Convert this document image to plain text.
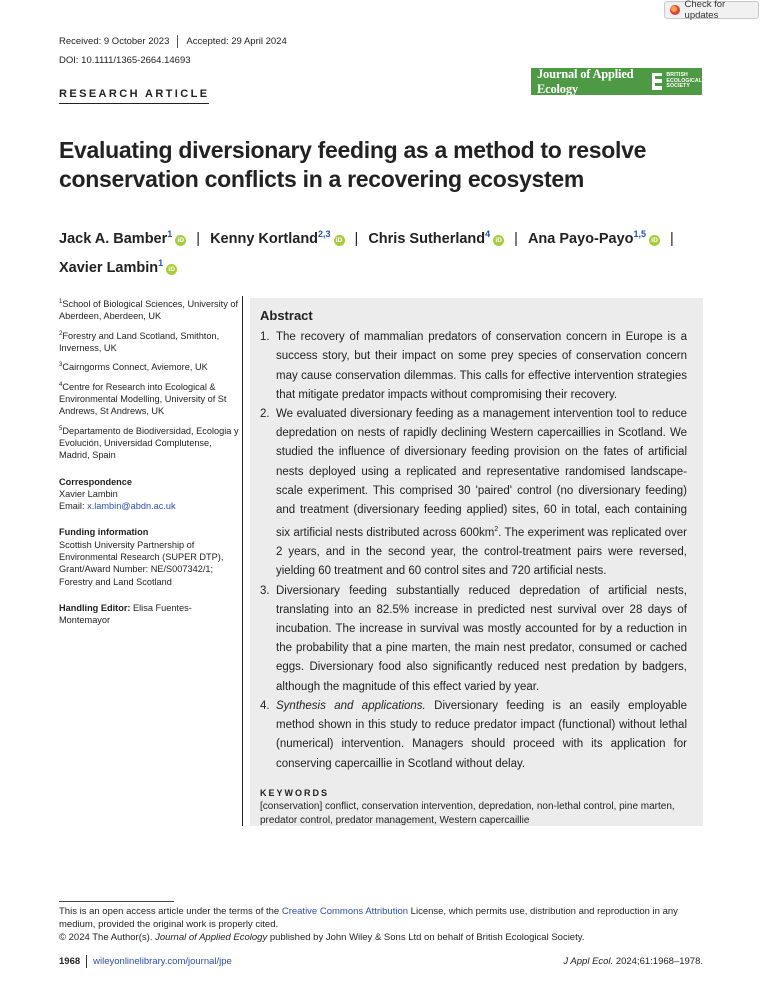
Check for updates
Received: 9 October 2023 Accepted: 29 April 2024
DOI: 10.1111/1365-2664.14693
Journal of Applied Ecology
BRITISH
ECOLOGICAL
SOCIETY
RESEARCH ARTICLE
Evaluating diversionary feeding as a method to resolve conservation conflicts in a recovering ecosystem
Jack A. Bamber$^1$iD | Kenny Kortland$^{2,3}$iD | Chris Sutherland$^4$iD | Ana Payo-Payo$^{1,5}$iD |
Xavier Lambin$^1$iD
$^1$School of Biological Sciences, University of Aberdeen, Aberdeen, UK
$^2$Forestry and Land Scotland, Smithton, Inverness, UK
$^3$Cairngorms Connect, Aviemore, UK
$^4$Centre for Research into Ecological & Environmental Modelling, University of St Andrews, St Andrews, UK
$^5$Departamento de Biodiversidad, Ecologia y Evolución, Universidad Complutense, Madrid, Spain
Correspondence
Xavier Lambin
Email: x.lambin@abdn.ac.uk
Funding information
Scottish University Partnership of Environmental Research (SUPER DTP), Grant/Award Number: NE/S007342/1; Forestry and Land Scotland
Handling Editor: Elisa Fuentes-Montemayor
Abstract
1. The recovery of mammalian predators of conservation concern in Europe is a success story, but their impact on some prey species of conservation concern may cause conservation dilemmas. This calls for effective intervention strategies that mitigate predator impacts without compromising their recovery.
2. We evaluated diversionary feeding as a management intervention tool to reduce depredation on nests of rapidly declining Western capercaillies in Scotland. We studied the influence of diversionary feeding provision on the fates of artificial nests deployed using a replicated and representative randomised landscape-scale experiment. This comprised 30 'paired' control (no diversionary feeding) and treatment (diversionary feeding applied) sites, 60 in total, each containing six artificial nests distributed across $600km^2$. The experiment was replicated over 2 years, and in the second year, the control-treatment pairs were reversed, yielding 60 treatment and 60 control sites and 720 artificial nests.
3. Diversionary feeding substantially reduced depredation of artificial nests, translating into an 82.5% increase in predicted nest survival over 28 days of incubation. The increase in survival was mostly accounted for by a reduction in the probability that a pine marten, the main nest predator, consumed or cached eggs. Diversionary food also significantly reduced nest predation by badgers, although the magnitude of this effect varied by year.
4. Synthesis and applications. Diversionary feeding is an easily employable method shown in this study to reduce predator impact (functional) without lethal (numerical) intervention. Managers should proceed with its application for conserving capercaillie in Scotland without delay.
KEYWORDS
[conservation] conflict, conservation intervention, depredation, non-lethal control, pine marten, predator control, predator management, Western capercaillie
This is an open access article under the terms of the Creative Commons Attribution License, which permits use, distribution and reproduction in any medium, provided the original work is properly cited.
© 2024 The Author(s). Journal of Applied Ecology published by John Wiley & Sons Ltd on behalf of British Ecological Society.
1968 wileyonlinelibrary.com/journal/jpe	J Appl Ecol. 2024;61:1968–1978.
